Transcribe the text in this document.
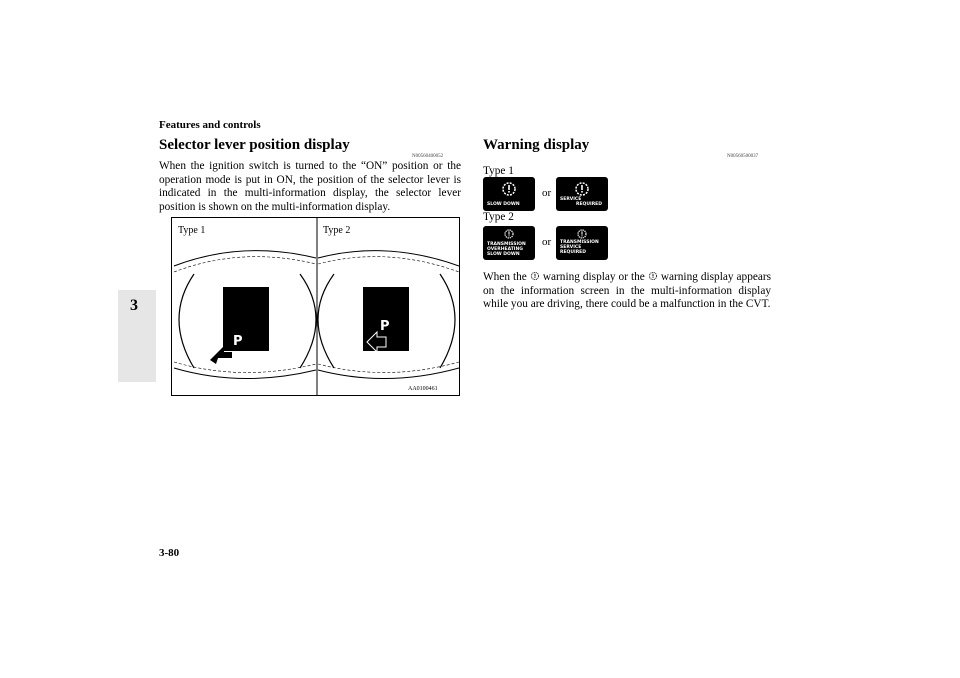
Features and controls
3
Selector lever position display
N00560400052
When the ignition switch is turned to the “ON” position or the operation mode is put in ON, the position of the selector lever is indicated in the multi-information display, the selector lever position is shown on the multi-information display.
P
P
Type 1	Type 2
AA0100461
Warning display
N00560500037
Type 1
SLOW DOWN
or
SERVICE
REQUIRED
Type 2
TRANSMISSION
OVERHEATING
SLOW DOWN
or TRANSMISSION
SERVICE REQUIRED
When the warning display or the warning display appears on the information screen in the multi-information display while you are driving, there could be a malfunction in the CVT.
3-80
